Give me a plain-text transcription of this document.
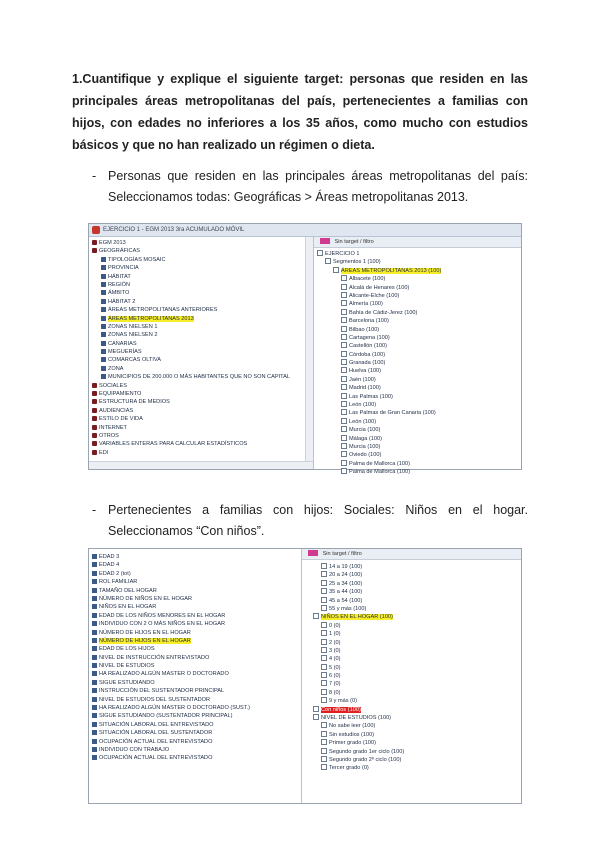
1.Cuantifique y explique el siguiente target: personas que residen en las principales áreas metropolitanas del país, pertenecientes a familias con hijos, con edades no inferiores a los 35 años, como mucho con estudios básicos y que no han realizado un régimen o dieta.
- Personas que residen en las principales áreas metropolitanas del país: Seleccionamos todas: Geográficas > Áreas metropolitanas 2013.
EJERCICIO 1 - EGM 2013 3ra ACUMULADO MÓVIL
EGM 2013
GEOGRÁFICAS
TIPOLOGÍAS MOSAIC
PROVINCIA
HÁBITAT
REGIÓN
ÁMBITO
HÁBITAT 2
ÁREAS METROPOLITANAS ANTERIORES
ÁREAS METROPOLITANAS 2013
ZONAS NIELSEN 1
ZONAS NIELSEN 2
CANARIAS
MEGUERÍAS
COMARCAS OLTIVA
ZONA
MUNICIPIOS DE 200.000 O MÁS HABITANTES QUE NO SON CAPITAL
SOCIALES
EQUIPAMIENTO
ESTRUCTURA DE MEDIOS
AUDIENCIAS
ESTILO DE VIDA
INTERNET
OTROS
VARIABLES ENTERAS PARA CALCULAR ESTADÍSTICOS
EDI
Sin target / filtro
EJERCICIO 1
Segmentos 1 (100)
ÁREAS METROPOLITANAS 2013 (100)
Albacete (100)
Alcalá de Henares (100)
Alicante-Elche (100)
Almería (100)
Bahía de Cádiz-Jerez (100)
Barcelona (100)
Bilbao (100)
Cartagena (100)
Castellón (100)
Córdoba (100)
Granada (100)
Huelva (100)
Jaén (100)
Madrid (100)
Las Palmas (100)
León (100)
Las Palmas de Gran Canaria (100)
León (100)
Murcia (100)
Málaga (100)
Murcia (100)
Oviedo (100)
Palma de Mallorca (100)
Palma de Mallorca (100)
- Pertenecientes a familias con hijos: Sociales: Niños en el hogar. Seleccionamos “Con niños”.
EDAD 3
EDAD 4
EDAD 2 (tot)
ROL FAMILIAR
TAMAÑO DEL HOGAR
NÚMERO DE NIÑOS EN EL HOGAR
NIÑOS EN EL HOGAR
EDAD DE LOS NIÑOS MENORES EN EL HOGAR
INDIVIDUO CON 2 O MÁS NIÑOS EN EL HOGAR
NÚMERO DE HIJOS EN EL HOGAR
NÚMERO DE HIJOS EN EL HOGAR
EDAD DE LOS HIJOS
NIVEL DE INSTRUCCIÓN ENTREVISTADO
NIVEL DE ESTUDIOS
HA REALIZADO ALGÚN MASTER O DOCTORADO
SIGUE ESTUDIANDO
INSTRUCCIÓN DEL SUSTENTADOR PRINCIPAL
NIVEL DE ESTUDIOS DEL SUSTENTADOR
HA REALIZADO ALGÚN MASTER O DOCTORADO (SUST.)
SIGUE ESTUDIANDO (SUSTENTADOR PRINCIPAL)
SITUACIÓN LABORAL DEL ENTREVISTADO
SITUACIÓN LABORAL DEL SUSTENTADOR
OCUPACIÓN ACTUAL DEL ENTREVISTADO
INDIVIDUO CON TRABAJO
OCUPACIÓN ACTUAL DEL ENTREVISTADO
Sin target / filtro
14 a 19 (100)
20 a 24 (100)
25 a 34 (100)
35 a 44 (100)
45 a 54 (100)
55 y más (100)
NIÑOS EN EL HOGAR (100)
0 (0)
1 (0)
2 (0)
3 (0)
4 (0)
5 (0)
6 (0)
7 (0)
8 (0)
9 y más (0)
Con niños (100)
NIVEL DE ESTUDIOS (100)
No sabe leer (100)
Sin estudios (100)
Primer grado (100)
Segundo grado 1er ciclo (100)
Segundo grado 2º ciclo (100)
Tercer grado (0)
